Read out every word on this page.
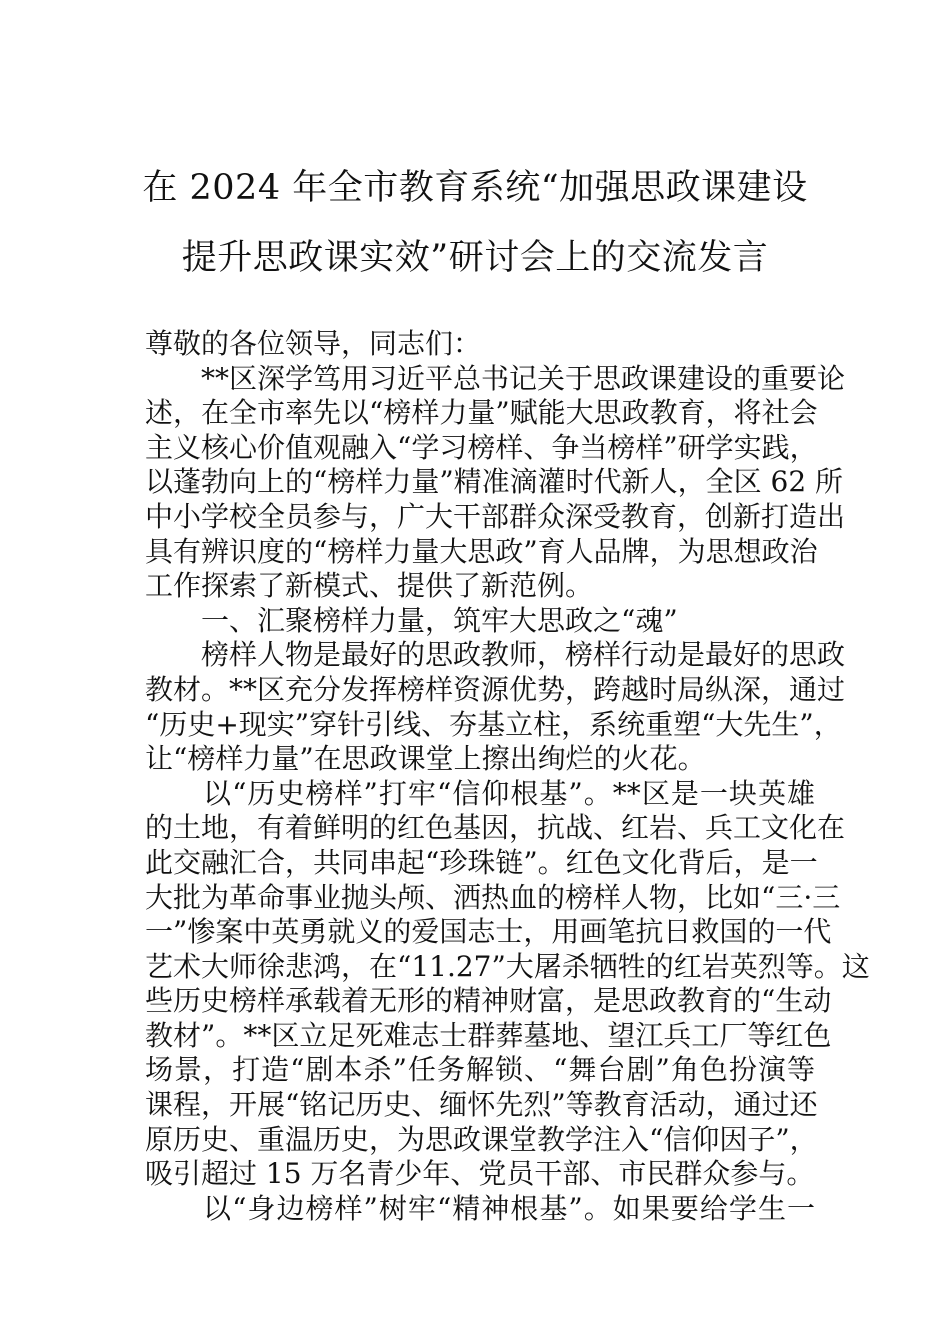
在 2024 年全市教育系统“加强思政课建设
提升思政课实效”研讨会上的交流发言
尊敬的各位领导，同志们：
　　**区深学笃用习近平总书记关于思政课建设的重要论
述，在全市率先以“榜样力量”赋能大思政教育，将社会
主义核心价值观融入“学习榜样、争当榜样”研学实践，
以蓬勃向上的“榜样力量”精准滴灌时代新人，全区 62 所
中小学校全员参与，广大干部群众深受教育，创新打造出
具有辨识度的“榜样力量大思政”育人品牌，为思想政治
工作探索了新模式、提供了新范例。
　　一、汇聚榜样力量，筑牢大思政之“魂”
　　榜样人物是最好的思政教师，榜样行动是最好的思政
教材。**区充分发挥榜样资源优势，跨越时局纵深，通过
“历史+现实”穿针引线、夯基立柱，系统重塑“大先生”，
让“榜样力量”在思政课堂上擦出绚烂的火花。
　　以“历史榜样”打牢“信仰根基”。**区是一块英雄
的土地，有着鲜明的红色基因，抗战、红岩、兵工文化在
此交融汇合，共同串起“珍珠链”。红色文化背后，是一
大批为革命事业抛头颅、洒热血的榜样人物，比如“三·三
一”惨案中英勇就义的爱国志士，用画笔抗日救国的一代
艺术大师徐悲鸿，在“11.27”大屠杀牺牲的红岩英烈等。这
些历史榜样承载着无形的精神财富，是思政教育的“生动
教材”。**区立足死难志士群葬墓地、望江兵工厂等红色
场景，打造“剧本杀”任务解锁、“舞台剧”角色扮演等
课程，开展“铭记历史、缅怀先烈”等教育活动，通过还
原历史、重温历史，为思政课堂教学注入“信仰因子”，
吸引超过 15 万名青少年、党员干部、市民群众参与。
　　以“身边榜样”树牢“精神根基”。如果要给学生一
